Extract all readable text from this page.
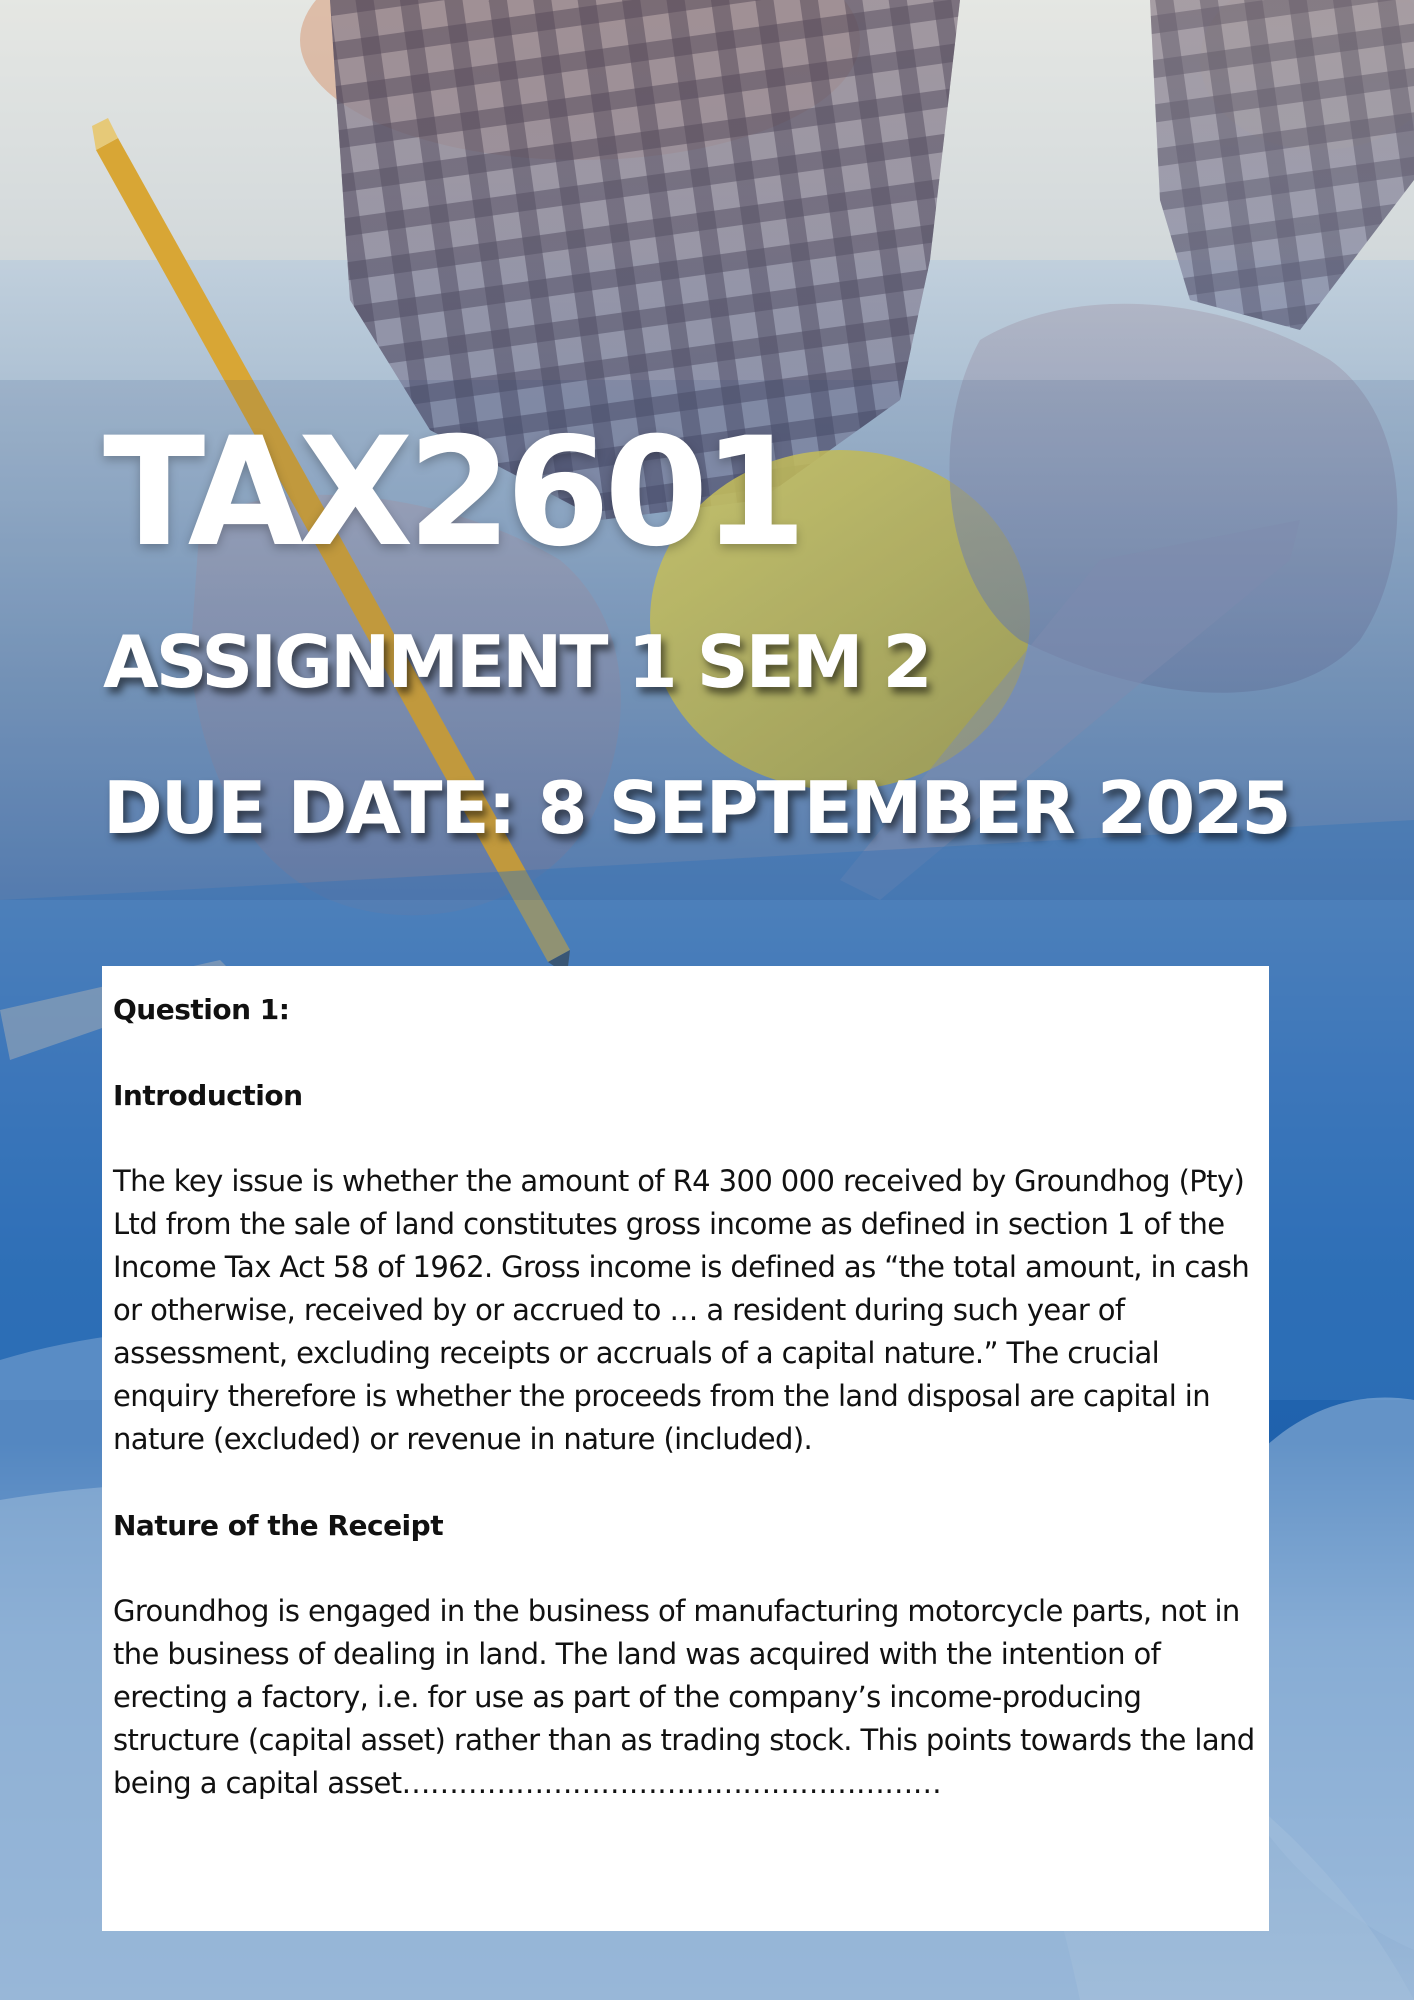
TAX2601
ASSIGNMENT 1 SEM 2
DUE DATE: 8 SEPTEMBER 2025
Question 1:
Introduction

The key issue is whether the amount of R4 300 000 received by Groundhog (Pty) Ltd from the sale of land constitutes gross income as defined in section 1 of the Income Tax Act 58 of 1962. Gross income is defined as “the total amount, in cash or otherwise, received by or accrued to … a resident during such year of assessment, excluding receipts or accruals of a capital nature.” The crucial enquiry therefore is whether the proceeds from the land disposal are capital in nature (excluded) or revenue in nature (included).

Nature of the Receipt

Groundhog is engaged in the business of manufacturing motorcycle parts, not in the business of dealing in land. The land was acquired with the intention of erecting a factory, i.e. for use as part of the company’s income-producing structure (capital asset) rather than as trading stock. This points towards the land being a capital asset…………………………………………………
